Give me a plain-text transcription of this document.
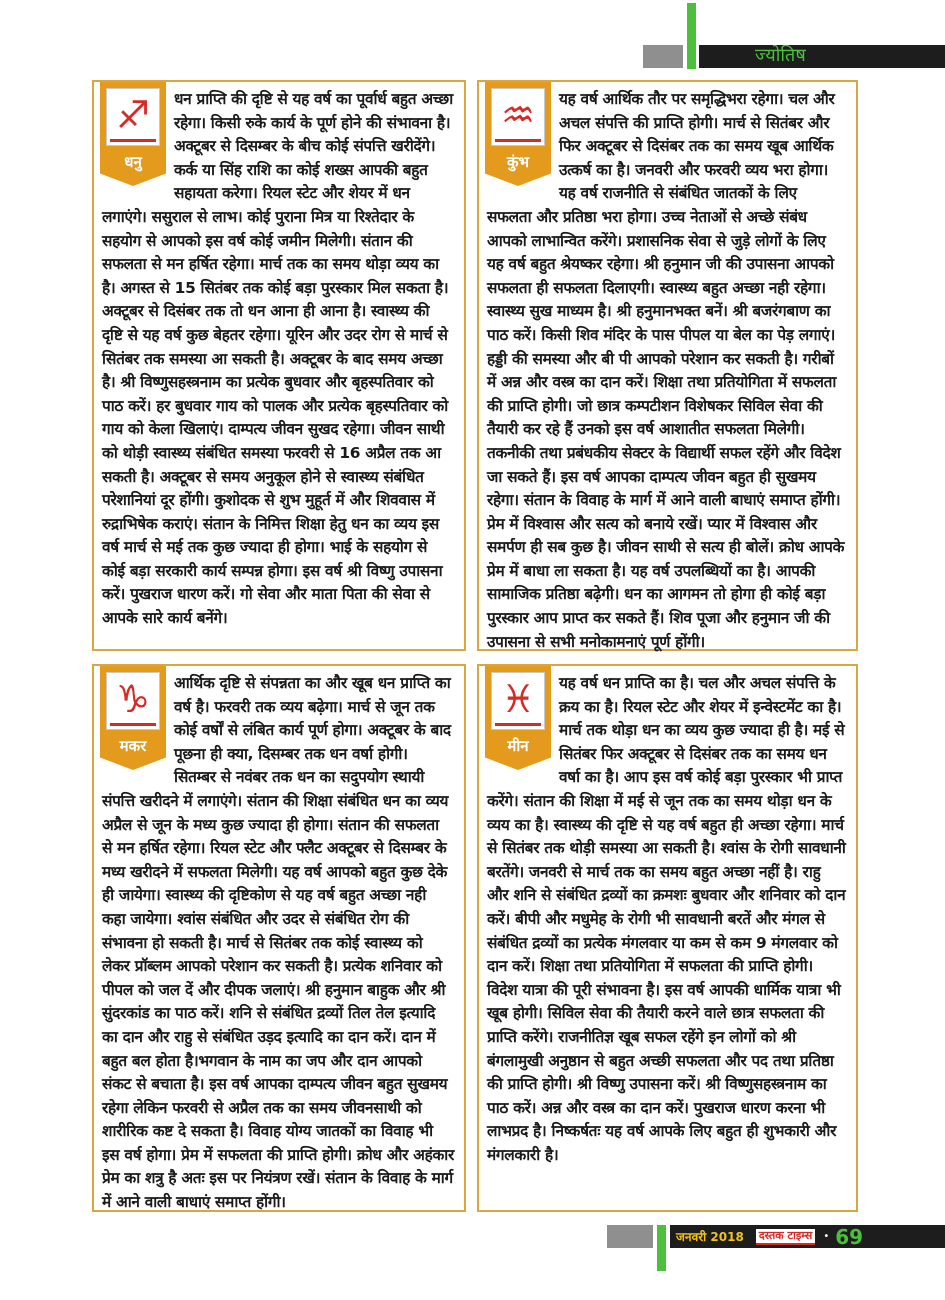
ज्योतिष
♐
धनु

धन प्राप्ति की दृष्टि से यह वर्ष का पूर्वार्ध बहुत अच्छा रहेगा। किसी रुके कार्य के पूर्ण होने की संभावना है। अक्टूबर से दिसम्बर के बीच कोई संपत्ति खरीदेंगे। कर्क या सिंह राशि का कोई शख्स आपकी बहुत सहायता करेगा। रियल स्टेट और शेयर में धन लगाएंगे। ससुराल से लाभ। कोई पुराना मित्र या रिश्तेदार के सहयोग से आपको इस वर्ष कोई जमीन मिलेगी। संतान की सफलता से मन हर्षित रहेगा। मार्च तक का समय थोड़ा व्यय का है। अगस्त से 15 सितंबर तक कोई बड़ा पुरस्कार मिल सकता है। अक्टूबर से दिसंबर तक तो धन आना ही आना है। स्वास्थ्य की दृष्टि से यह वर्ष कुछ बेहतर रहेगा। यूरिन और उदर रोग से मार्च से सितंबर तक समस्या आ सकती है। अक्टूबर के बाद समय अच्छा है। श्री विष्णुसहस्त्रनाम का प्रत्येक बुधवार और बृहस्पतिवार को पाठ करें। हर बुधवार गाय को पालक और प्रत्येक बृहस्पतिवार को गाय को केला खिलाएं। दाम्पत्य जीवन सुखद रहेगा। जीवन साथी को थोड़ी स्वास्थ्य संबंधित समस्या फरवरी से 16 अप्रैल तक आ सकती है। अक्टूबर से समय अनुकूल होने से स्वास्थ्य संबंधित परेशानियां दूर होंगी। कुशोदक से शुभ मुहूर्त में और शिववास में रुद्राभिषेक कराएं। संतान के निमित्त शिक्षा हेतु धन का व्यय इस वर्ष मार्च से मई तक कुछ ज्यादा ही होगा। भाई के सहयोग से कोई बड़ा सरकारी कार्य सम्पन्न होगा। इस वर्ष श्री विष्णु उपासना करें। पुखराज धारण करें। गो सेवा और माता पिता की सेवा से आपके सारे कार्य बनेंगे।

♒
कुंभ

यह वर्ष आर्थिक तौर पर समृद्धिभरा रहेगा। चल और अचल संपत्ति की प्राप्ति होगी। मार्च से सितंबर और फिर अक्टूबर से दिसंबर तक का समय खूब आर्थिक उत्कर्ष का है। जनवरी और फरवरी व्यय भरा होगा। यह वर्ष राजनीति से संबंधित जातकों के लिए सफलता और प्रतिष्ठा भरा होगा। उच्च नेताओं से अच्छे संबंध आपको लाभान्वित करेंगे। प्रशासनिक सेवा से जुड़े लोगों के लिए यह वर्ष बहुत श्रेयष्कर रहेगा। श्री हनुमान जी की उपासना आपको सफलता ही सफलता दिलाएगी। स्वास्थ्य बहुत अच्छा नही रहेगा। स्वास्थ्य सुख माध्यम है। श्री हनुमानभक्त बनें। श्री बजरंगबाण का पाठ करें। किसी शिव मंदिर के पास पीपल या बेल का पेड़ लगाएं। हड्डी की समस्या और बी पी आपको परेशान कर सकती है। गरीबों में अन्न और वस्त्र का दान करें। शिक्षा तथा प्रतियोगिता में सफलता की प्राप्ति होगी। जो छात्र कम्पटीशन विशेषकर सिविल सेवा की तैयारी कर रहे हैं उनको इस वर्ष आशातीत सफलता मिलेगी। तकनीकी तथा प्रबंधकीय सेक्टर के विद्यार्थी सफल रहेंगे और विदेश जा सकते हैं। इस वर्ष आपका दाम्पत्य जीवन बहुत ही सुखमय रहेगा। संतान के विवाह के मार्ग में आने वाली बाधाएं समाप्त होंगी। प्रेम में विश्वास और सत्य को बनाये रखें। प्यार में विश्वास और समर्पण ही सब कुछ है। जीवन साथी से सत्य ही बोलें। क्रोध आपके प्रेम में बाधा ला सकता है। यह वर्ष उपलब्धियों का है। आपकी सामाजिक प्रतिष्ठा बढ़ेगी। धन का आगमन तो होगा ही कोई बड़ा पुरस्कार आप प्राप्त कर सकते हैं। शिव पूजा और हनुमान जी की उपासना से सभी मनोकामनाएं पूर्ण होंगी।

♑
मकर

आर्थिक दृष्टि से संपन्नता का और खूब धन प्राप्ति का वर्ष है। फरवरी तक व्यय बढ़ेगा। मार्च से जून तक कोई वर्षों से लंबित कार्य पूर्ण होगा। अक्टूबर के बाद पूछना ही क्या, दिसम्बर तक धन वर्षा होगी। सितम्बर से नवंबर तक धन का सदुपयोग स्थायी संपत्ति खरीदने में लगाएंगे। संतान की शिक्षा संबंधित धन का व्यय अप्रैल से जून के मध्य कुछ ज्यादा ही होगा। संतान की सफलता से मन हर्षित रहेगा। रियल स्टेट और फ्लैट अक्टूबर से दिसम्बर के मध्य खरीदने में सफलता मिलेगी। यह वर्ष आपको बहुत कुछ देके ही जायेगा। स्वास्थ्य की दृष्टिकोण से यह वर्ष बहुत अच्छा नही कहा जायेगा। श्वांस संबंधित और उदर से संबंधित रोग की संभावना हो सकती है। मार्च से सितंबर तक कोई स्वास्थ्य को लेकर प्रॉब्लम आपको परेशान कर सकती है। प्रत्येक शनिवार को पीपल को जल दें और दीपक जलाएं। श्री हनुमान बाहुक और श्री सुंदरकांड का पाठ करें। शनि से संबंधित द्रव्यों तिल तेल इत्यादि का दान और राहु से संबंधित उड़द इत्यादि का दान करें। दान में बहुत बल होता है।भगवान के नाम का जप और दान आपको संकट से बचाता है। इस वर्ष आपका दाम्पत्य जीवन बहुत सुखमय रहेगा लेकिन फरवरी से अप्रैल तक का समय जीवनसाथी को शारीरिक कष्ट दे सकता है। विवाह योग्य जातकों का विवाह भी इस वर्ष होगा। प्रेम में सफलता की प्राप्ति होगी। क्रोध और अहंकार प्रेम का शत्रु है अतः इस पर नियंत्रण रखें। संतान के विवाह के मार्ग में आने वाली बाधाएं समाप्त होंगी।

♓
मीन

यह वर्ष धन प्राप्ति का है। चल और अचल संपत्ति के क्रय का है। रियल स्टेट और शेयर में इन्वेस्टमेंट का है। मार्च तक थोड़ा धन का व्यय कुछ ज्यादा ही है। मई से सितंबर फिर अक्टूबर से दिसंबर तक का समय धन वर्षा का है। आप इस वर्ष कोई बड़ा पुरस्कार भी प्राप्त करेंगे। संतान की शिक्षा में मई से जून तक का समय थोड़ा धन के व्यय का है। स्वास्थ्य की दृष्टि से यह वर्ष बहुत ही अच्छा रहेगा। मार्च से सितंबर तक थोड़ी समस्या आ सकती है। श्वांस के रोगी सावधानी बरतेंगे। जनवरी से मार्च तक का समय बहुत अच्छा नहीं है। राहु और शनि से संबंधित द्रव्यों का क्रमशः बुधवार और शनिवार को दान करें। बीपी और मधुमेह के रोगी भी सावधानी बरतें और मंगल से संबंधित द्रव्यों का प्रत्येक मंगलवार या कम से कम 9 मंगलवार को दान करें। शिक्षा तथा प्रतियोगिता में सफलता की प्राप्ति होगी। विदेश यात्रा की पूरी संभावना है। इस वर्ष आपकी धार्मिक यात्रा भी खूब होगी। सिविल सेवा की तैयारी करने वाले छात्र सफलता की प्राप्ति करेंगे। राजनीतिज्ञ खूब सफल रहेंगे इन लोगों को श्री बंगलामुखी अनुष्ठान से बहुत अच्छी सफलता और पद तथा प्रतिष्ठा की प्राप्ति होगी। श्री विष्णु उपासना करें। श्री विष्णुसहस्त्रनाम का पाठ करें। अन्न और वस्त्र का दान करें। पुखराज धारण करना भी लाभप्रद है। निष्कर्षतः यह वर्ष आपके लिए बहुत ही शुभकारी और मंगलकारी है।

जनवरी 2018 दस्तक टाइम्स	• 69
